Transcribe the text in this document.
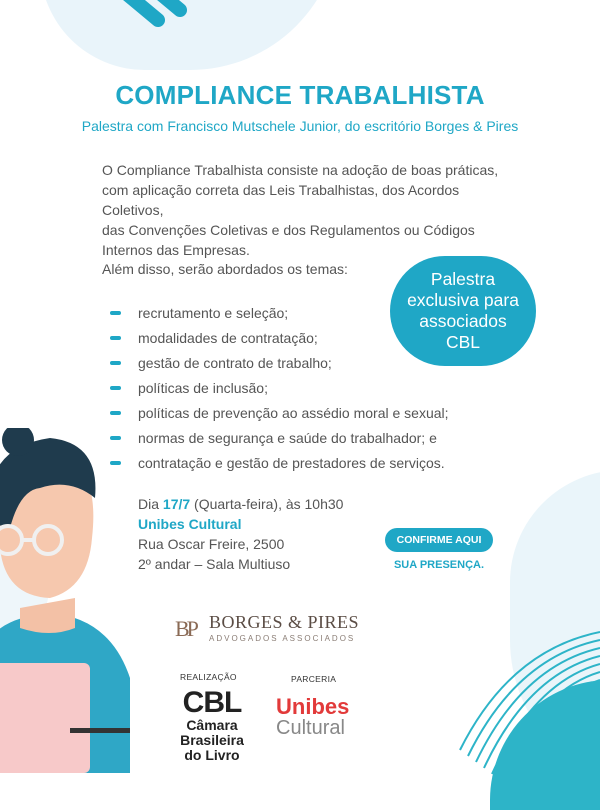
COMPLIANCE TRABALHISTA
Palestra com Francisco Mutschele Junior, do escritório Borges & Pires

O Compliance Trabalhista consiste na adoção de boas práticas,
com aplicação correta das Leis Trabalhistas, dos Acordos Coletivos,
das Convenções Coletivas e dos Regulamentos ou Códigos
Internos das Empresas.

Além disso, serão abordados os temas:

recrutamento e seleção;
modalidades de contratação;
gestão de contrato de trabalho;
políticas de inclusão;
políticas de prevenção ao assédio moral e sexual;
normas de segurança e saúde do trabalhador; e
contratação e gestão de prestadores de serviços.
Palestra
exclusiva para
associados
CBL
Dia 17/7 (Quarta-feira), às 10h30
Unibes Cultural
Rua Oscar Freire, 2500
2º andar – Sala Multiuso
CONFIRME AQUI
SUA PRESENÇA.
BP BORGES & PIRES
ADVOGADOS ASSOCIADOS
REALIZAÇÃO
CBL
Câmara
Brasileira
do Livro
PARCERIA
Unibes
Cultural
